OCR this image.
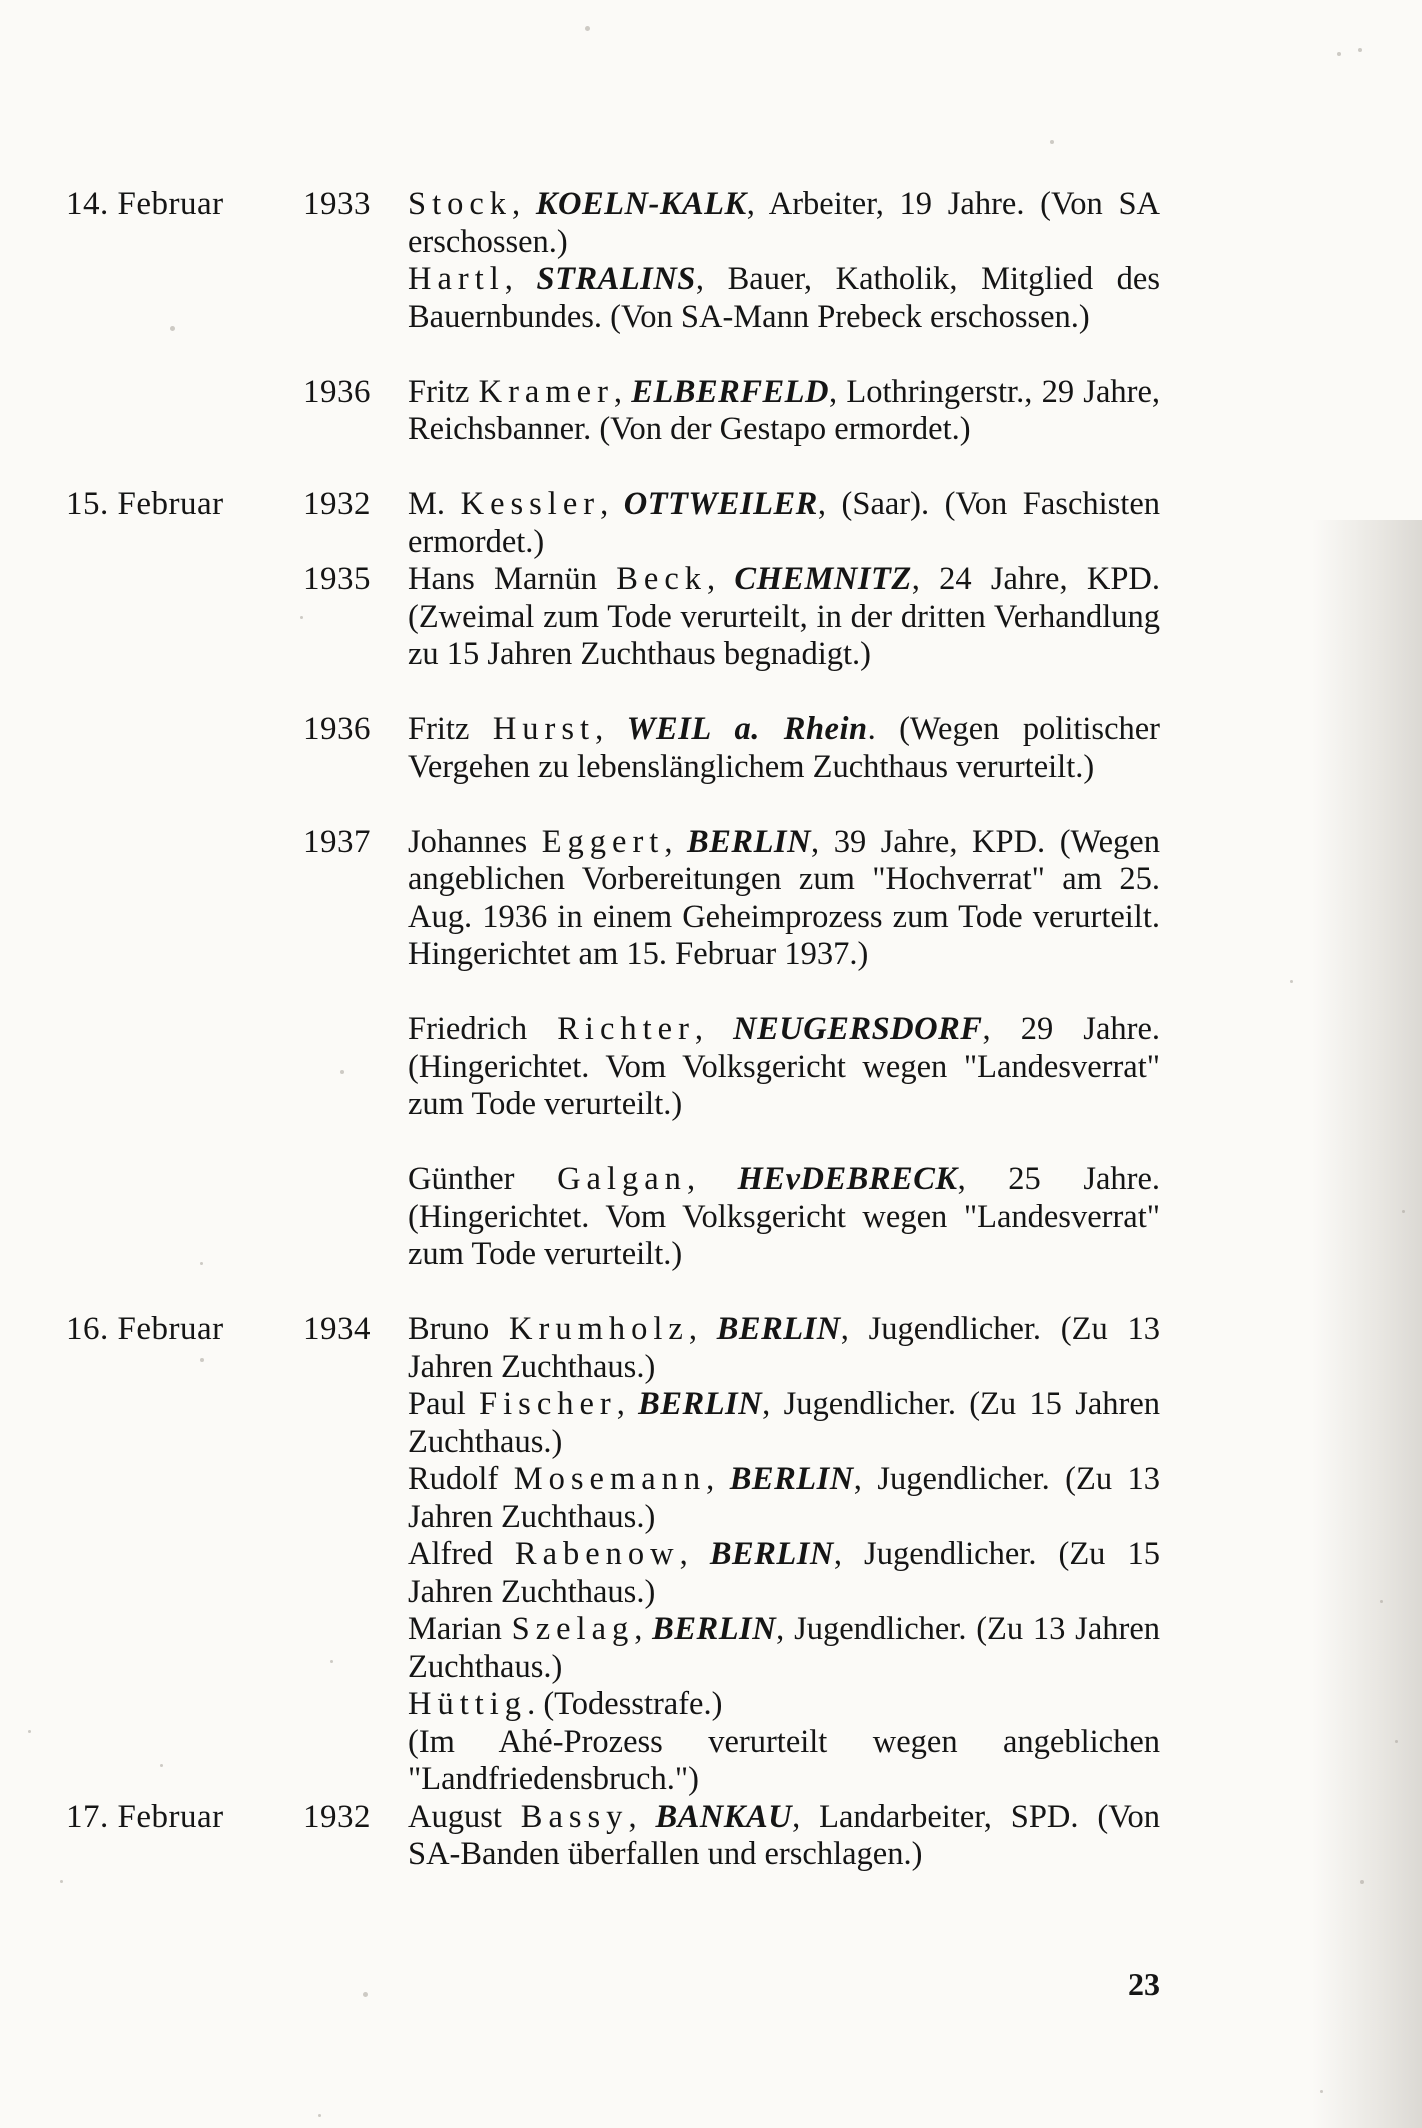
14. Februar 1933 Stock, KOELN-KALK, Arbeiter, 19 Jahre. (Von SA erschossen.)
Hartl, STRALINS, Bauer, Katholik, Mitglied des Bauernbundes. (Von SA-Mann Prebeck erschossen.)
1936 Fritz Kramer, ELBERFELD, Lothringerstr., 29 Jahre, Reichsbanner. (Von der Gestapo ermordet.)
15. Februar 1932 M. Kessler, OTTWEILER, (Saar). (Von Faschisten ermordet.)
1935 Hans Marnün Beck, CHEMNITZ, 24 Jahre, KPD. (Zweimal zum Tode verurteilt, in der dritten Verhandlung zu 15 Jahren Zuchthaus begnadigt.)
1936 Fritz Hurst, WEIL a. Rhein. (Wegen politischer Vergehen zu lebenslänglichem Zuchthaus verurteilt.)
1937 Johannes Eggert, BERLIN, 39 Jahre, KPD. (Wegen angeblichen Vorbereitungen zum "Hochverrat" am 25. Aug. 1936 in einem Geheimprozess zum Tode verurteilt. Hingerichtet am 15. Februar 1937.)
Friedrich Richter, NEUGERSDORF, 29 Jahre. (Hingerichtet. Vom Volksgericht wegen "Landesverrat" zum Tode verurteilt.)
Günther Galgan, HEvDEBRECK, 25 Jahre. (Hingerichtet. Vom Volksgericht wegen "Landesverrat" zum Tode verurteilt.)
16. Februar 1934 Bruno Krumholz, BERLIN, Jugendlicher. (Zu 13 Jahren Zuchthaus.)
Paul Fischer, BERLIN, Jugendlicher. (Zu 15 Jahren Zuchthaus.)
Rudolf Mosemann, BERLIN, Jugendlicher. (Zu 13 Jahren Zuchthaus.)
Alfred Rabenow, BERLIN, Jugendlicher. (Zu 15 Jahren Zuchthaus.)
Marian Szelag, BERLIN, Jugendlicher. (Zu 13 Jahren Zuchthaus.)
Hüttig. (Todesstrafe.)
(Im Ahé-Prozess verurteilt wegen angeblichen "Landfriedensbruch.")
17. Februar 1932 August Bassy, BANKAU, Landarbeiter, SPD. (Von SA-Banden überfallen und erschlagen.)
23
